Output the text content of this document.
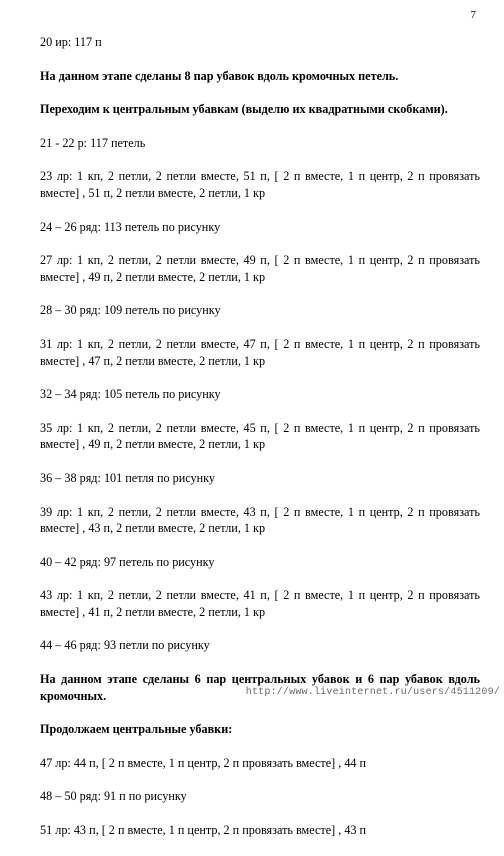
7

20 ир: 117 п

На данном этапе сделаны 8 пар убавок вдоль кромочных петель.

Переходим к центральным убавкам (выделю их квадратными скобками).

21 - 22 р: 117 петель

23 лр: 1 кп, 2 петли, 2 петли вместе, 51 п, [ 2 п вместе, 1 п центр, 2 п провязать вместе] , 51 п, 2 петли вместе, 2 петли, 1 кр

24 – 26 ряд: 113 петель по рисунку

27 лр: 1 кп, 2 петли, 2 петли вместе, 49 п, [ 2 п вместе, 1 п центр, 2 п провязать вместе] , 49 п, 2 петли вместе, 2 петли, 1 кр

28 – 30 ряд: 109 петель по рисунку

31 лр: 1 кп, 2 петли, 2 петли вместе, 47 п, [ 2 п вместе, 1 п центр, 2 п провязать вместе] , 47 п, 2 петли вместе, 2 петли, 1 кр

32 – 34 ряд: 105 петель по рисунку

35 лр: 1 кп, 2 петли, 2 петли вместе, 45 п, [ 2 п вместе, 1 п центр, 2 п провязать вместе] , 49 п, 2 петли вместе, 2 петли, 1 кр

36 – 38 ряд: 101 петля по рисунку

39 лр: 1 кп, 2 петли, 2 петли вместе, 43 п, [ 2 п вместе, 1 п центр, 2 п провязать вместе] , 43 п, 2 петли вместе, 2 петли, 1 кр

40 – 42 ряд: 97 петель по рисунку

43 лр: 1 кп, 2 петли, 2 петли вместе, 41 п, [ 2 п вместе, 1 п центр, 2 п провязать вместе] , 41 п, 2 петли вместе, 2 петли, 1 кр

44 – 46 ряд: 93 петли по рисунку

На данном этапе сделаны 6 пар центральных убавок и 6 пар убавок вдоль кромочных.

Продолжаем центральные убавки:

47 лр: 44 п, [ 2 п вместе, 1 п центр, 2 п провязать вместе] , 44 п

48 – 50 ряд: 91 п по рисунку

51 лр: 43 п, [ 2 п вместе, 1 п центр, 2 п провязать вместе] , 43 п

http://www.liveinternet.ru/users/4511209/
